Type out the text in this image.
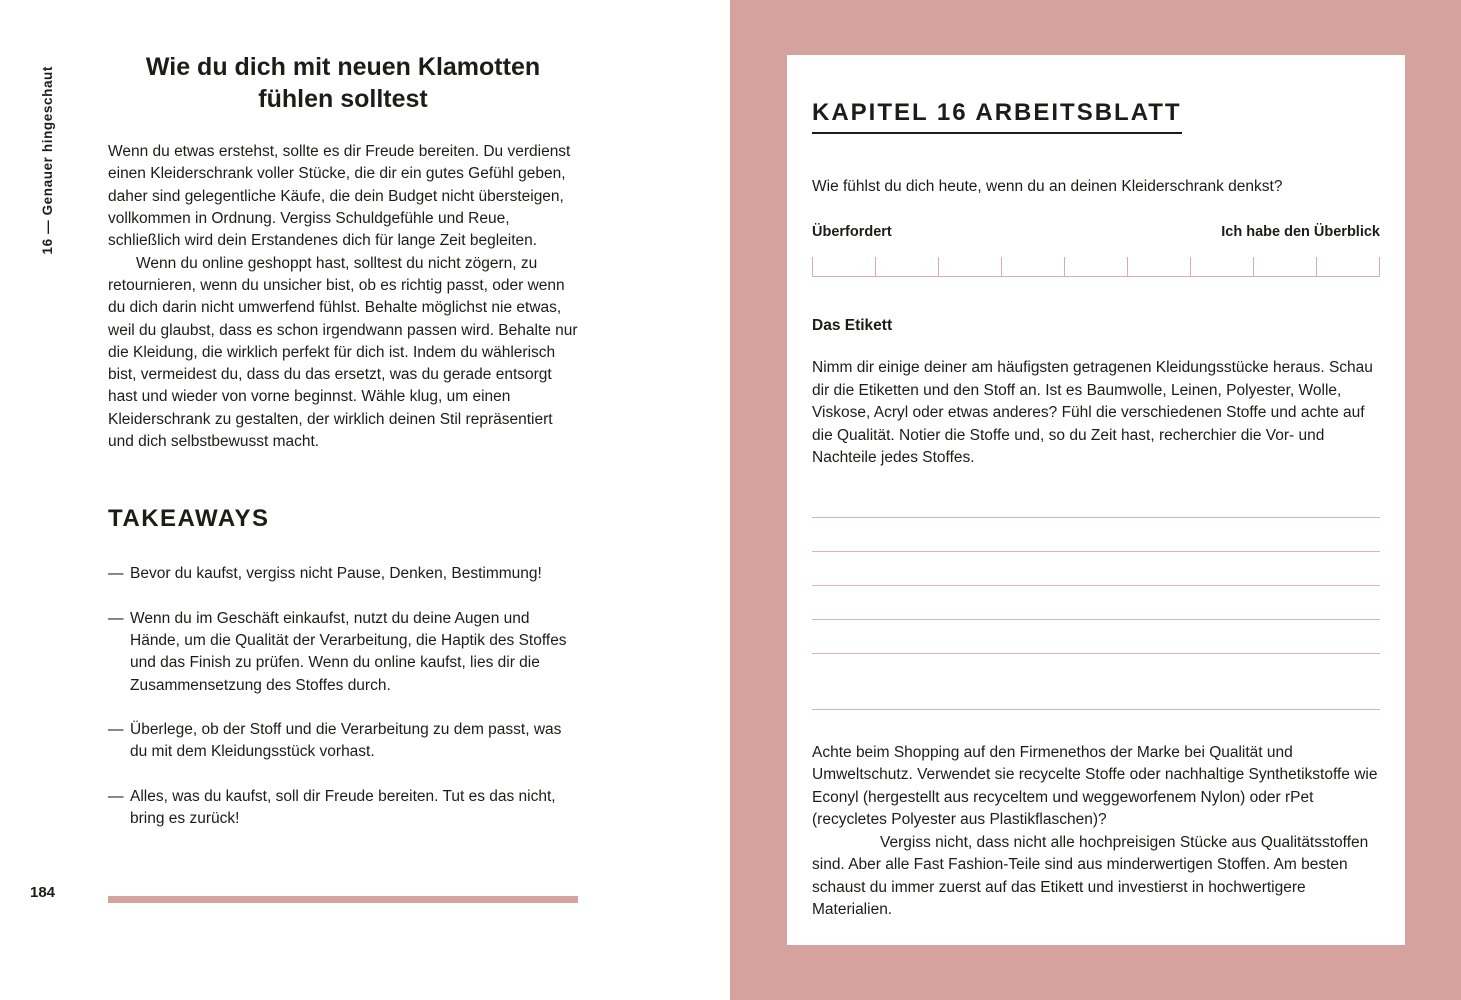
16 — Genauer hingeschaut	Wie du dich mit neuen Klamotten fühlen solltest

Wenn du etwas erstehst, sollte es dir Freude bereiten. Du verdienst einen Kleiderschrank voller Stücke, die dir ein gutes Gefühl geben, daher sind gelegentliche Käufe, die dein Budget nicht übersteigen, vollkommen in Ordnung. Vergiss Schuldgefühle und Reue, schließlich wird dein Erstandenes dich für lange Zeit begleiten.

Wenn du online geshoppt hast, solltest du nicht zögern, zu retournieren, wenn du unsicher bist, ob es richtig passt, oder wenn du dich darin nicht umwerfend fühlst. Behalte möglichst nie etwas, weil du glaubst, dass es schon irgendwann passen wird. Behalte nur die Kleidung, die wirklich perfekt für dich ist. Indem du wählerisch bist, vermeidest du, dass du das ersetzt, was du gerade entsorgt hast und wieder von vorne beginnst. Wähle klug, um einen Kleiderschrank zu gestalten, der wirklich deinen Stil repräsentiert und dich selbstbewusst macht.

TAKEAWAYS
— Bevor du kaufst, vergiss nicht Pause, Denken, Bestimmung!
— Wenn du im Geschäft einkaufst, nutzt du deine Augen und Hände, um die Qualität der Verarbeitung, die Haptik des Stoffes und das Finish zu prüfen. Wenn du online kaufst, lies dir die Zusammensetzung des Stoffes durch.
— Überlege, ob der Stoff und die Verarbeitung zu dem passt, was du mit dem Kleidungsstück vorhast.
— Alles, was du kaufst, soll dir Freude bereiten. Tut es das nicht, bring es zurück!
184
KAPITEL 16 ARBEITSBLATT

Wie fühlst du dich heute, wenn du an deinen Kleiderschrank denkst?

Überfordert	Ich habe den Überblick
Das Etikett

Nimm dir einige deiner am häufigsten getragenen Kleidungsstücke heraus. Schau dir die Etiketten und den Stoff an. Ist es Baumwolle, Leinen, Polyester, Wolle, Viskose, Acryl oder etwas anderes? Fühl die verschiedenen Stoffe und achte auf die Qualität. Notier die Stoffe und, so du Zeit hast, recherchier die Vor- und Nachteile jedes Stoffes.

Achte beim Shopping auf den Firmenethos der Marke bei Qualität und Umweltschutz. Verwendet sie recycelte Stoffe oder nachhaltige Synthetikstoffe wie Econyl (hergestellt aus recyceltem und weggeworfenem Nylon) oder rPet (recycletes Polyester aus Plastikflaschen)?

Vergiss nicht, dass nicht alle hochpreisigen Stücke aus Qualitätsstoffen sind. Aber alle Fast Fashion-Teile sind aus minderwertigen Stoffen. Am besten schaust du immer zuerst auf das Etikett und investierst in hochwertigere Materialien.
